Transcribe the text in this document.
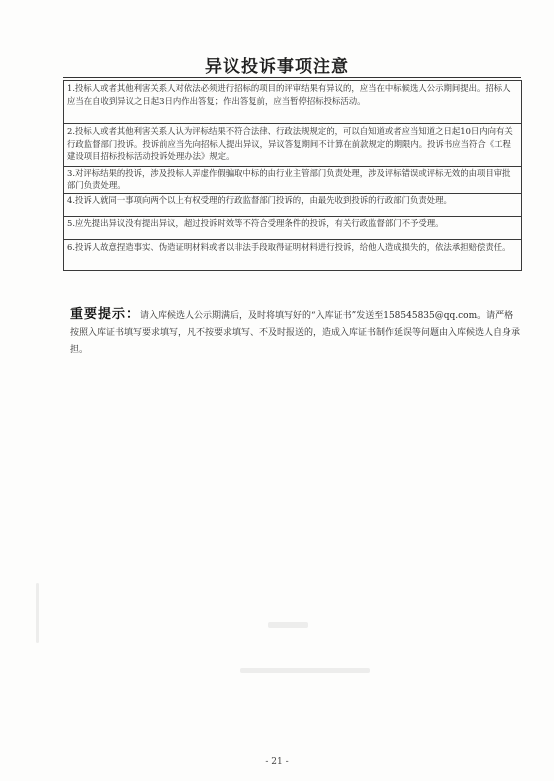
异议投诉事项注意
1.投标人或者其他利害关系人对依法必须进行招标的项目的评审结果有异议的，应当在中标候选人公示期间提出。招标人应当在自收到异议之日起3日内作出答复；作出答复前，应当暂停招标投标活动。
2.投标人或者其他利害关系人认为评标结果不符合法律、行政法规规定的，可以自知道或者应当知道之日起10日内向有关行政监督部门投诉。投诉前应当先向招标人提出异议，异议答复期间不计算在前款规定的期限内。投诉书应当符合《工程建设项目招标投标活动投诉处理办法》规定。
3.对评标结果的投诉，涉及投标人弄虚作假骗取中标的由行业主管部门负责处理，涉及评标错误或评标无效的由项目审批部门负责处理。
4.投诉人就同一事项向两个以上有权受理的行政监督部门投诉的，由最先收到投诉的行政部门负责处理。
5.应先提出异议没有提出异议，超过投诉时效等不符合受理条件的投诉，有关行政监督部门不予受理。
6.投诉人故意捏造事实、伪造证明材料或者以非法手段取得证明材料进行投诉，给他人造成损失的，依法承担赔偿责任。
重要提示：请入库候选人公示期满后，及时将填写好的“入库证书”发送至158545835@qq.com。请严格按照入库证书填写要求填写，凡不按要求填写、不及时报送的，造成入库证书制作延误等问题由入库候选人自身承担。
- 21 -
